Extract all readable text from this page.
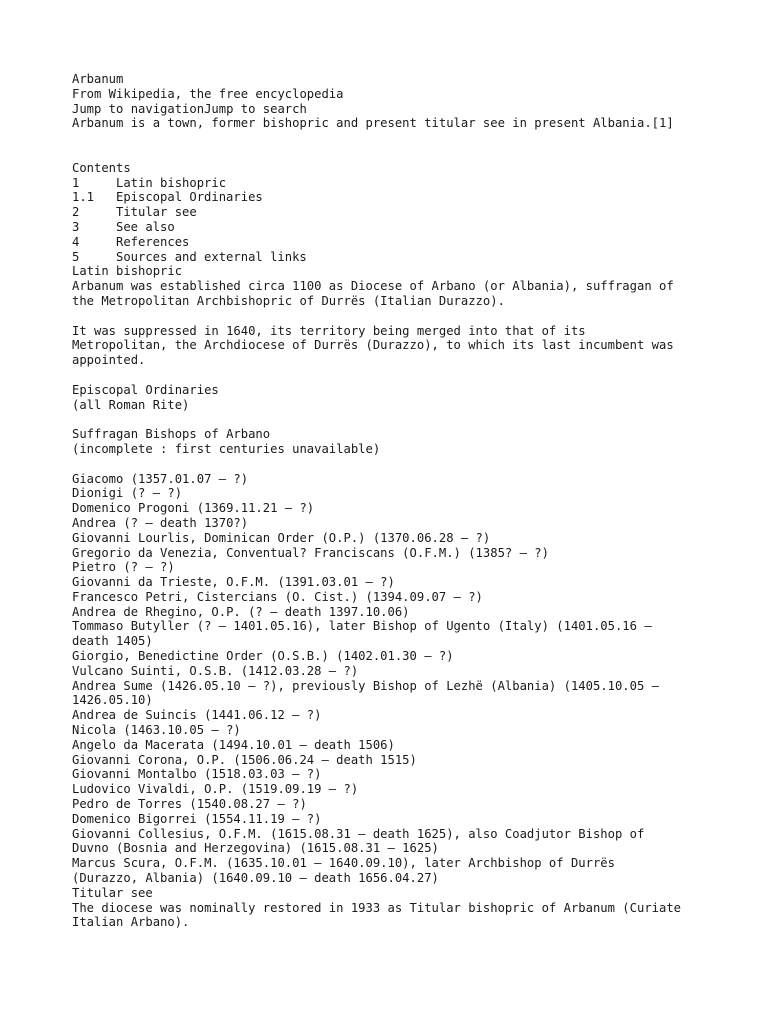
Arbanum
From Wikipedia, the free encyclopedia
Jump to navigationJump to search
Arbanum is a town, former bishopric and present titular see in present Albania.[1]
Contents
1	Latin bishopric
1.1	Episcopal Ordinaries
2	Titular see
3	See also
4	References
5	Sources and external links
Latin bishopric
Arbanum was established circa 1100 as Diocese of Arbano (or Albania), suffragan of
the Metropolitan Archbishopric of Durrës (Italian Durazzo).
It was suppressed in 1640, its territory being merged into that of its
Metropolitan, the Archdiocese of Durrës (Durazzo), to which its last incumbent was
appointed.
Episcopal Ordinaries
(all Roman Rite)
Suffragan Bishops of Arbano
(incomplete : first centuries unavailable)
Giacomo (1357.01.07 – ?)
Dionigi (? – ?)
Domenico Progoni (1369.11.21 – ?)
Andrea (? – death 1370?)
Giovanni Lourlis, Dominican Order (O.P.) (1370.06.28 – ?)
Gregorio da Venezia, Conventual? Franciscans (O.F.M.) (1385? – ?)
Pietro (? – ?)
Giovanni da Trieste, O.F.M. (1391.03.01 – ?)
Francesco Petri, Cistercians (O. Cist.) (1394.09.07 – ?)
Andrea de Rhegino, O.P. (? – death 1397.10.06)
Tommaso Butyller (? – 1401.05.16), later Bishop of Ugento (Italy) (1401.05.16 –
death 1405)
Giorgio, Benedictine Order (O.S.B.) (1402.01.30 – ?)
Vulcano Suinti, O.S.B. (1412.03.28 – ?)
Andrea Sume (1426.05.10 – ?), previously Bishop of Lezhë (Albania) (1405.10.05 –
1426.05.10)
Andrea de Suincis (1441.06.12 – ?)
Nicola (1463.10.05 – ?)
Angelo da Macerata (1494.10.01 – death 1506)
Giovanni Corona, O.P. (1506.06.24 – death 1515)
Giovanni Montalbo (1518.03.03 – ?)
Ludovico Vivaldi, O.P. (1519.09.19 – ?)
Pedro de Torres (1540.08.27 – ?)
Domenico Bigorrei (1554.11.19 – ?)
Giovanni Collesius, O.F.M. (1615.08.31 – death 1625), also Coadjutor Bishop of
Duvno (Bosnia and Herzegovina) (1615.08.31 – 1625)
Marcus Scura, O.F.M. (1635.10.01 – 1640.09.10), later Archbishop of Durrës
(Durazzo, Albania) (1640.09.10 – death 1656.04.27)
Titular see
The diocese was nominally restored in 1933 as Titular bishopric of Arbanum (Curiate
Italian Arbano).
